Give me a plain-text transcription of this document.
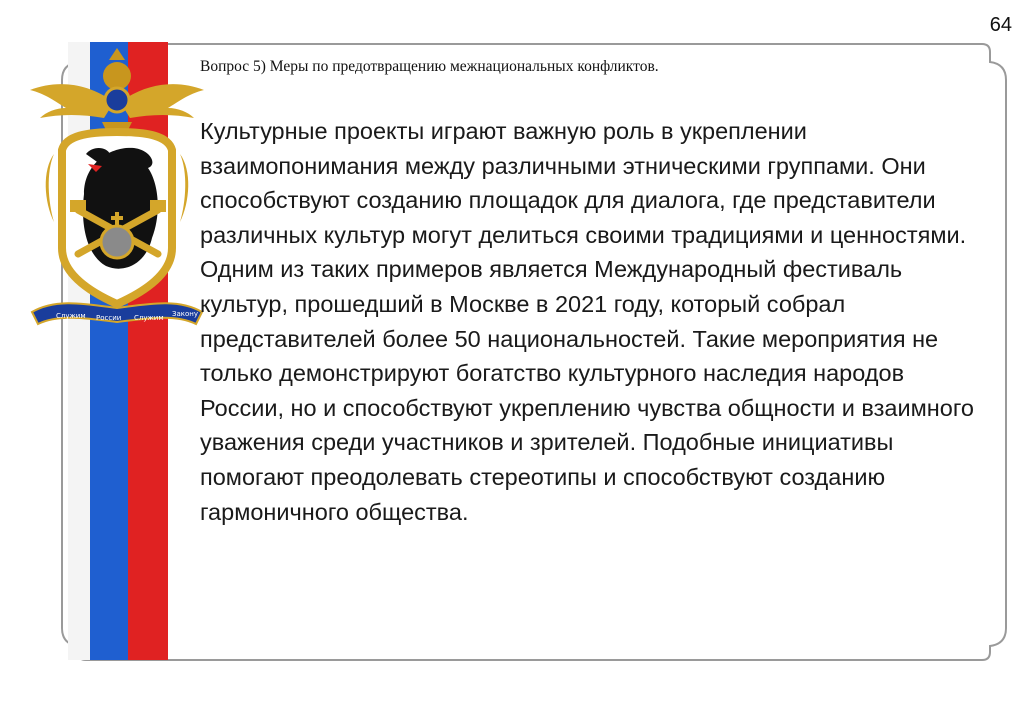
64
Служим России Служим Закону
Вопрос 5) Меры по предотвращению межнациональных конфликтов.

Культурные проекты играют важную роль в укреплении взаимопонимания между различными этническими группами. Они способствуют созданию площадок для диалога, где представители различных культур могут делиться своими традициями и ценностями. Одним из таких примеров является Международный фестиваль культур, прошедший в Москве в 2021 году, который собрал представителей более 50 национальностей. Такие мероприятия не только демонстрируют богатство культурного наследия народов России, но и способствуют укреплению чувства общности и взаимного уважения среди участников и зрителей. Подобные инициативы помогают преодолевать стереотипы и способствуют созданию гармоничного общества.
